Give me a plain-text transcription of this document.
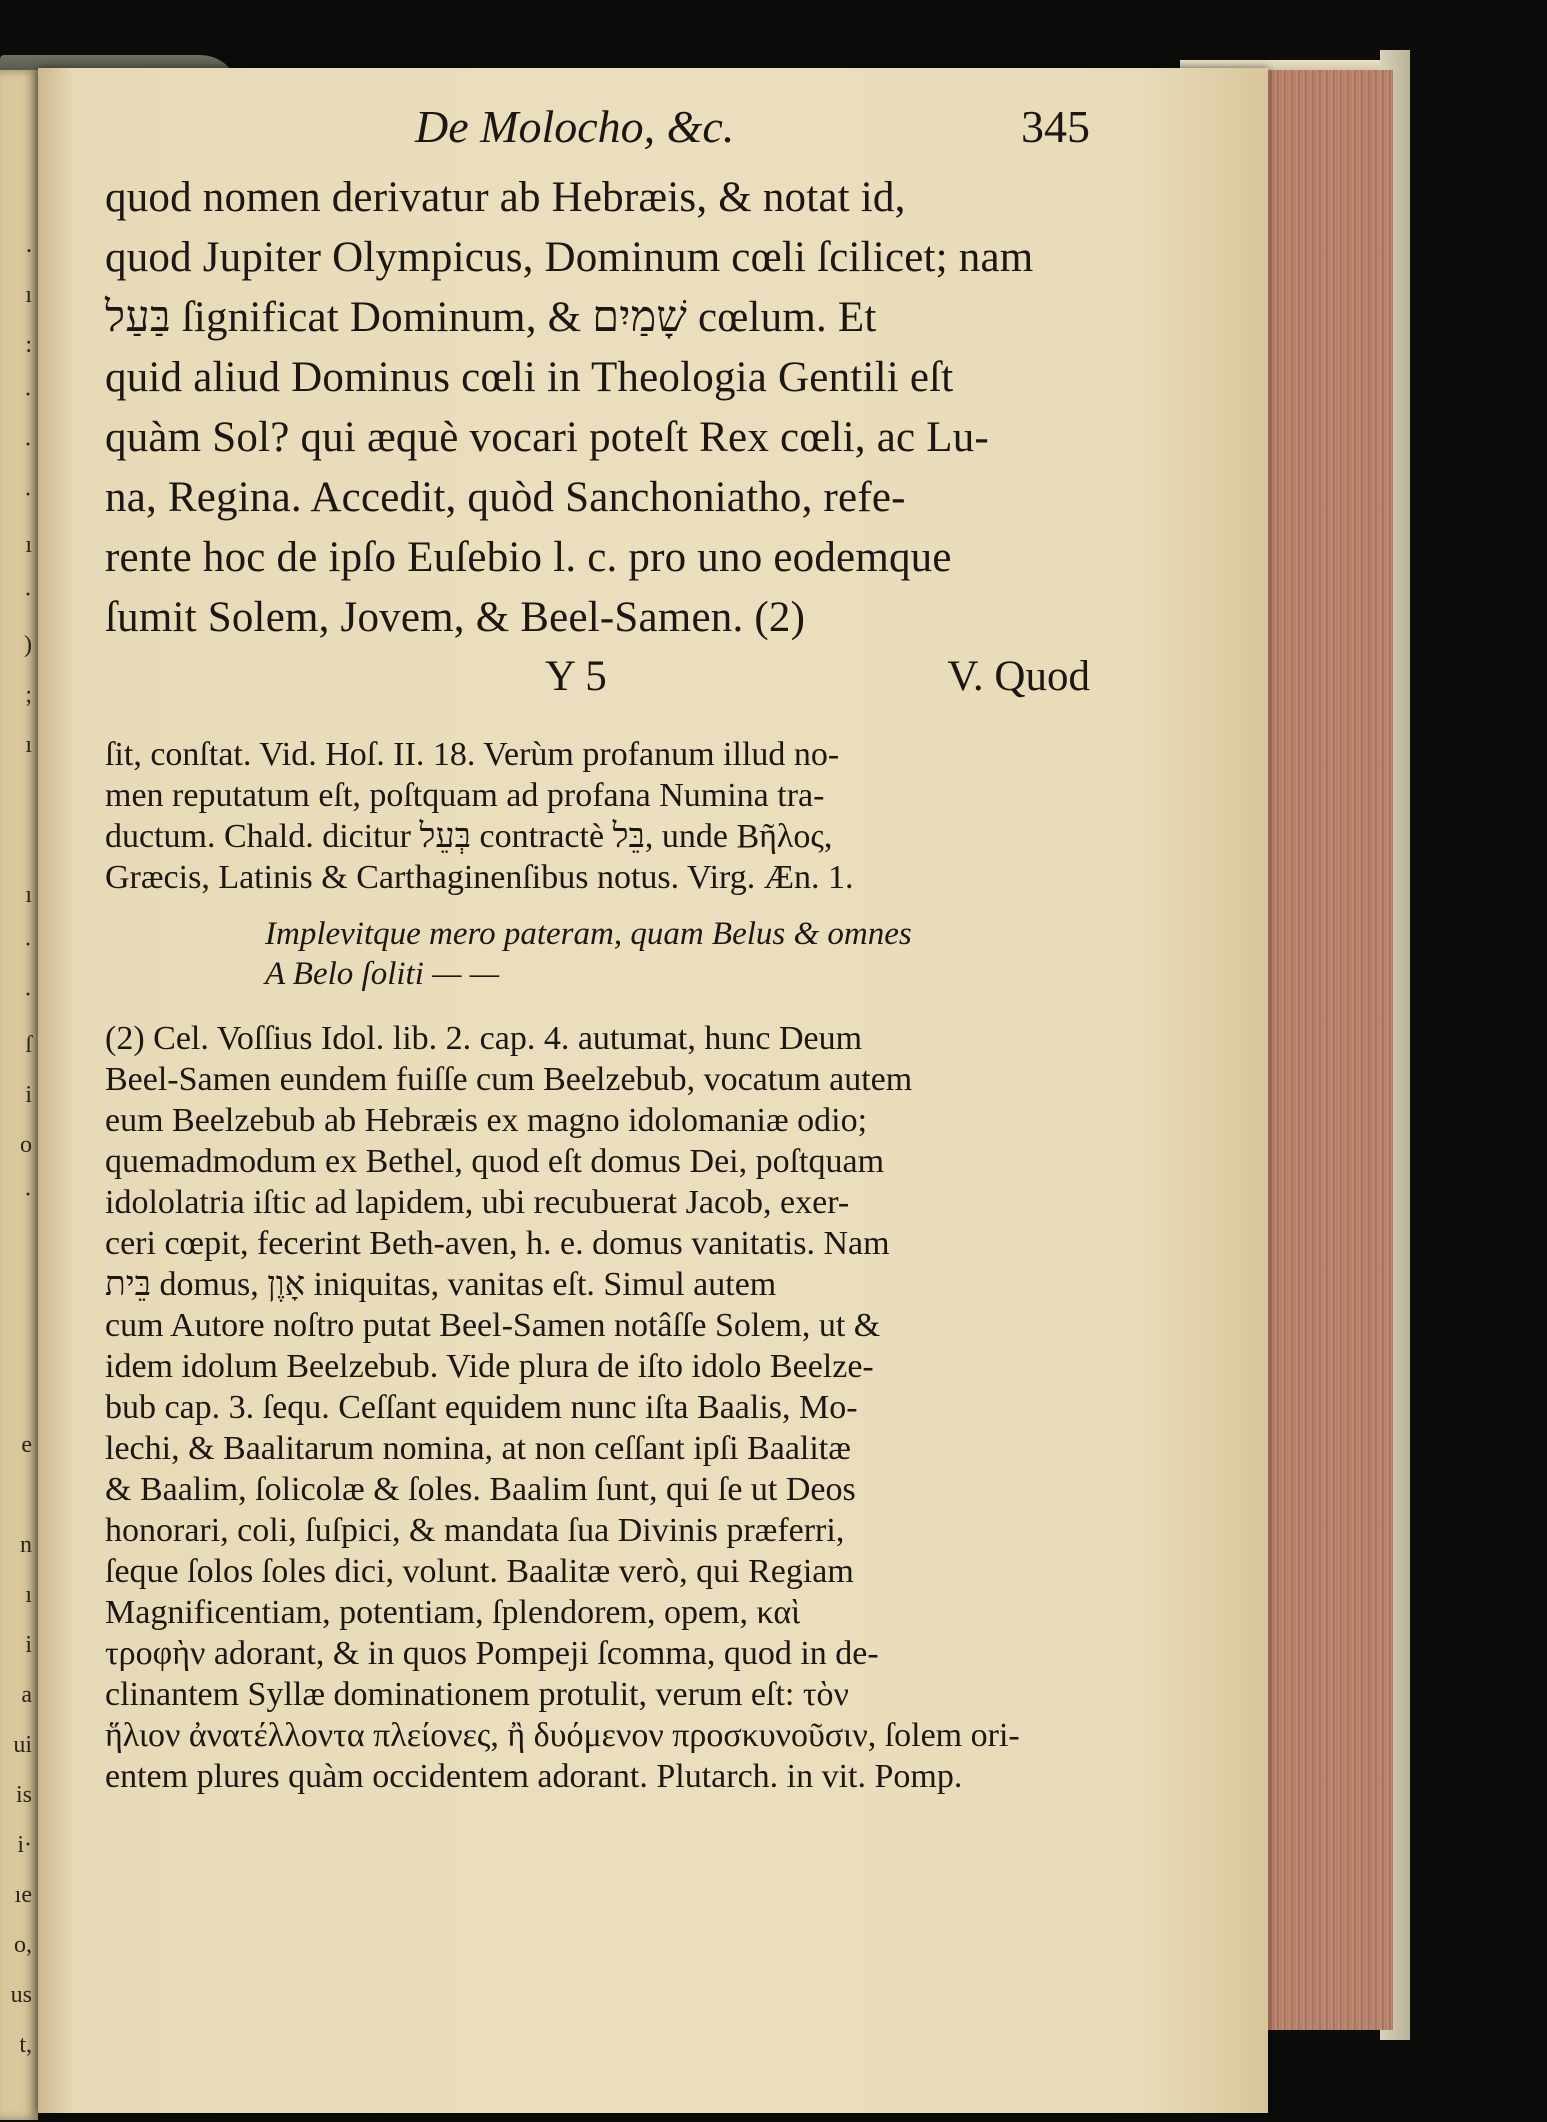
.
ı
:
·
·
·
ı
·
)
;
ı
ı
·
·
ſ
i
o
·
e
n
ı
i
a
ui
is
i·
ıe
o,
us
t,
De Molocho, &c.	345
quod nomen derivatur ab Hebræis, & notat id,
quod Jupiter Olympicus, Dominum cœli ſcilicet; nam
בַּעַל ſignificat Dominum, & שָׁמַיִם cœlum. Et
quid aliud Dominus cœli in Theologia Gentili eſt
quàm Sol? qui æquè vocari poteſt Rex cœli, ac Lu-
na, Regina. Accedit, quòd Sanchoniatho, refe-
rente hoc de ipſo Euſebio l. c. pro uno eodemque
ſumit Solem, Jovem, & Beel-Samen. (2)
Y 5	V. Quod
ſit, conſtat. Vid. Hoſ. II. 18. Verùm profanum illud no-
men reputatum eſt, poſtquam ad profana Numina tra-
ductum. Chald. dicitur בְּעֵל contractè בֵּל, unde Βῆλος,
Græcis, Latinis & Carthaginenſibus notus. Virg. Æn. 1.
Implevitque mero pateram, quam Belus & omnes
A Belo ſoliti — —
(2) Cel. Voſſius Idol. lib. 2. cap. 4. autumat, hunc Deum
Beel-Samen eundem fuiſſe cum Beelzebub, vocatum autem
eum Beelzebub ab Hebræis ex magno idolomaniæ odio;
quemadmodum ex Bethel, quod eſt domus Dei, poſtquam
idololatria iſtic ad lapidem, ubi recubuerat Jacob, exer-
ceri cœpit, fecerint Beth-aven, h. e. domus vanitatis. Nam
בֵּית domus, אָוֶן iniquitas, vanitas eſt. Simul autem
cum Autore noſtro putat Beel-Samen notâſſe Solem, ut &
idem idolum Beelzebub. Vide plura de iſto idolo Beelze-
bub cap. 3. ſequ. Ceſſant equidem nunc iſta Baalis, Mo-
lechi, & Baalitarum nomina, at non ceſſant ipſi Baalitæ
& Baalim, ſolicolæ & ſoles. Baalim ſunt, qui ſe ut Deos
honorari, coli, ſuſpici, & mandata ſua Divinis præferri,
ſeque ſolos ſoles dici, volunt. Baalitæ verò, qui Regiam
Magnificentiam, potentiam, ſplendorem, opem, καὶ
τροφὴν adorant, & in quos Pompeji ſcomma, quod in de-
clinantem Syllæ dominationem protulit, verum eſt: τὸν
ἥλιον ἀνατέλλοντα πλείονες, ἢ δυόμενον προσκυνοῦσιν, ſolem ori-
entem plures quàm occidentem adorant. Plutarch. in vit. Pomp.
